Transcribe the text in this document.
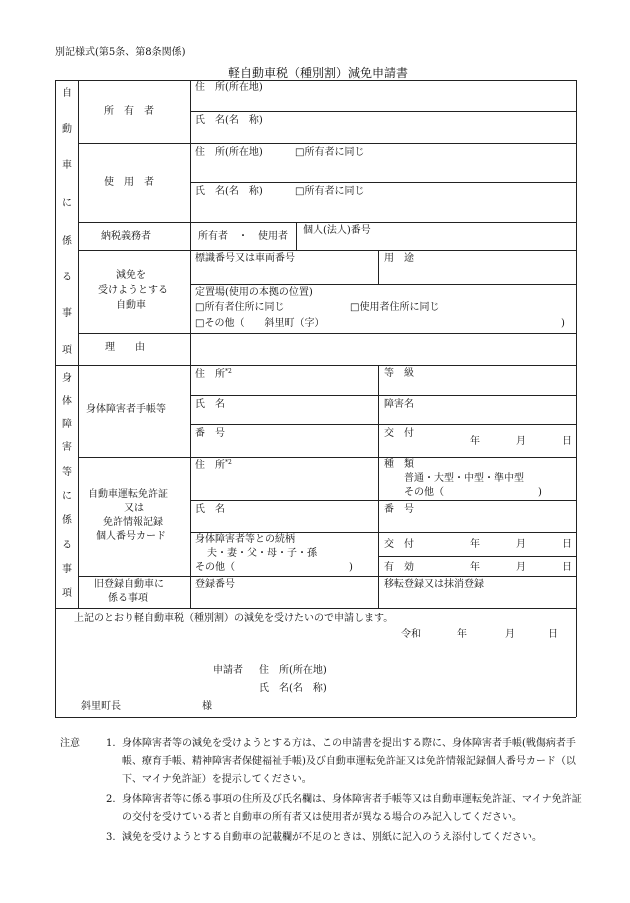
別記様式(第5条、第8条関係)
軽自動車税（種別割）減免申請書
自
動
車
に
係
る
事
項
所　有　者
住　所(所在地)
氏　名(名　称)
使　用　者
住　所(所在地)	□所有者に同じ
氏　名(名　称)	□所有者に同じ
納税義務者	所有者　・　使用者
個人(法人)番号
減免を
受けようとする
自動車
標識番号又は車両番号	用　途
定置場(使用の本拠の位置)
□所有者住所に同じ	□使用者住所に同じ
□その他（　　斜里町（字）	)
理　　由
身
体
障
害
等
に
係
る
事
項
身体障害者手帳等
住　所$^{*2}$	等　級
氏　名	障害名
番　号	交　付
年	月	日
自動車運転免許証
又は
免許情報記録
個人番号カード
住　所$^{*2}$	種　類
普通・大型・中型・準中型
その他（	)
氏　名	番　号
身体障害者等との続柄
夫・妻・父・母・子・孫
その他（	)
交　付	年	月	日
有　効	年	月	日
旧登録自動車に
係る事項
登録番号	移転登録又は抹消登録
上記のとおり軽自動車税（種別割）の減免を受けたいので申請します。
令和	年	月	日
申請者 住　所(所在地)
氏　名(名　称)
斜里町長	様
注意	1. 身体障害者等の減免を受けようとする方は、この申請書を提出する際に、身体障害者手帳(戦傷病者手帳、療育手帳、精神障害者保健福祉手帳)及び自動車運転免許証又は免許情報記録個人番号カード（以下、マイナ免許証）を提示してください。
2. 身体障害者等に係る事項の住所及び氏名欄は、身体障害者手帳等又は自動車運転免許証、マイナ免許証の交付を受けている者と自動車の所有者又は使用者が異なる場合のみ記入してください。
3. 減免を受けようとする自動車の記載欄が不足のときは、別紙に記入のうえ添付してください。
